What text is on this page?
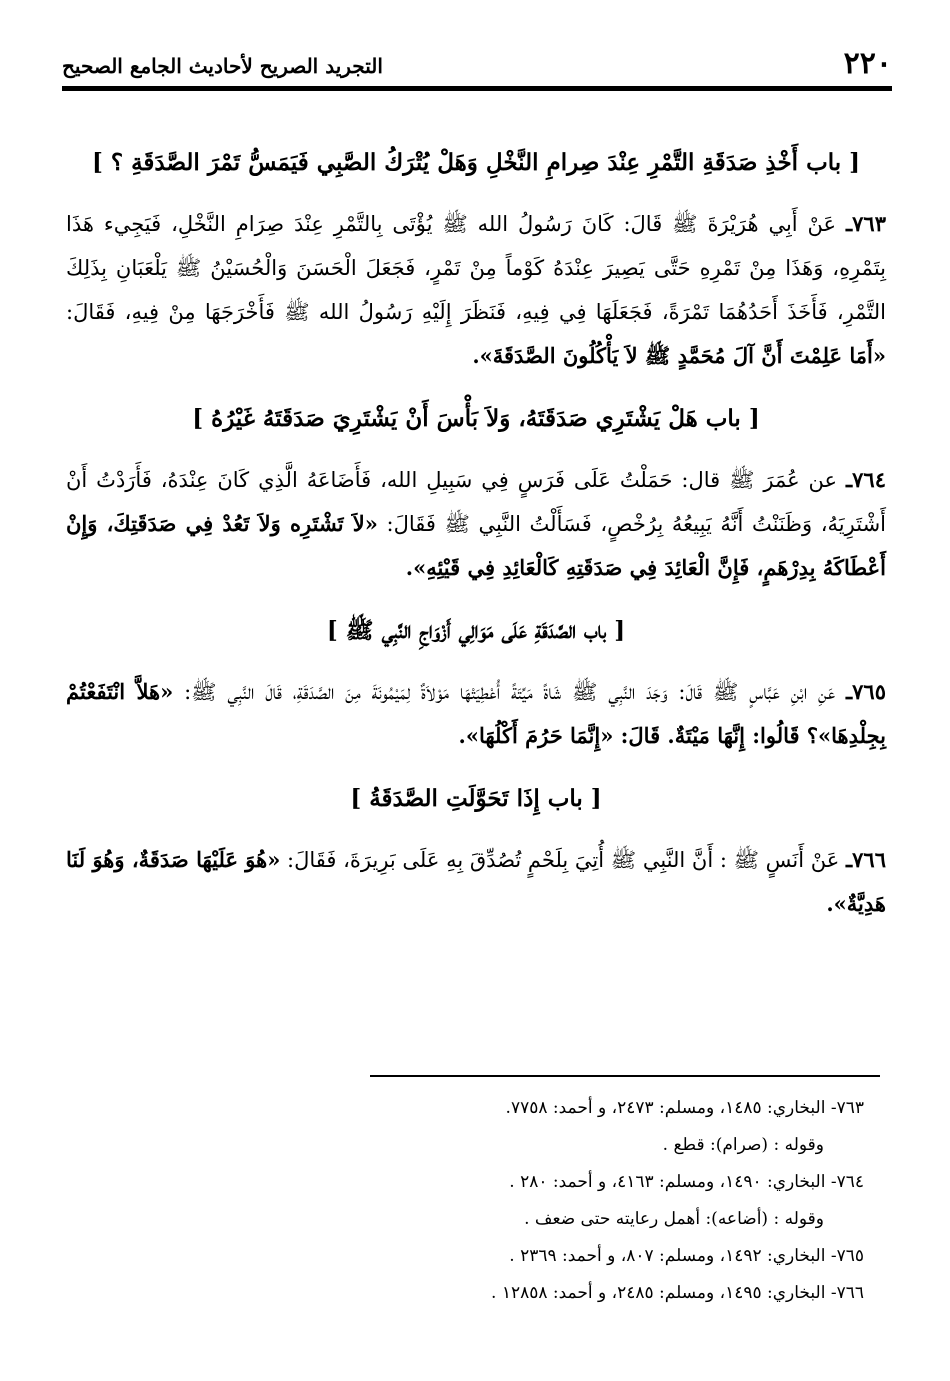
٢٢٠
التجريد الصريح لأحاديث الجامع الصحيح
[ باب أَخْذِ صَدَقَةِ التَّمْرِ عِنْدَ صِرامِ النَّخْلِ وَهَلْ يُتْرَكُ الصَّبِي فَيَمَسُّ تَمْرَ الصَّدَقَةِ ؟ ]

٧٦٣ـ عَنْ أَبِي هُرَيْرَةَ ﷺ قَالَ: كَانَ رَسُولُ الله ﷺ يُؤْتَى بِالتَّمْرِ عِنْدَ صِرَامِ النَّخْلِ، فَيَجِيء هَذَا بِتَمْرِهِ، وَهَذَا مِنْ تَمْرِهِ حَتَّى يَصِيرَ عِنْدَهُ كَوْماً مِنْ تَمْرٍ، فَجَعَلَ الْحَسَنَ وَالْحُسَيْنُ ﷺ يَلْعَبَانِ بِذَلِكَ التَّمْرِ، فَأَخَذَ أَحَدُهُمَا تَمْرَةً، فَجَعَلَهَا فِي فِيهِ، فَنَظَرَ إِلَيْهِ رَسُولُ الله ﷺ فَأَخْرَجَهَا مِنْ فِيهِ، فَقَالَ: «أَمَا عَلِمْتَ أَنَّ آلَ مُحَمَّدٍ ﷺ لاَ يَأْكُلُونَ الصَّدَقَةَ».

[ باب هَلْ يَشْتَرِي صَدَقَتَهُ، وَلاَ بَأْسَ أَنْ يَشْتَرِيَ صَدَقَتَهُ غَيْرُهُ ]

٧٦٤ـ عن عُمَرَ ﷺ قال: حَمَلْتُ عَلَى فَرَسٍ فِي سَبِيلِ الله، فَأَضَاعَهُ الَّذِي كَانَ عِنْدَهُ، فَأَرَدْتُ أَنْ أَشْتَرِيَهُ، وَظَنَنْتُ أَنَّهُ يَبِيعُهُ بِرُخْصٍ، فَسَأَلْتُ النَّبِي ﷺ فَقَالَ: «لاَ تَشْتَرِه وَلاَ تَعُدْ فِي صَدَقَتِكَ، وَإِنْ أَعْطَاكَهُ بِدِرْهَمٍ، فَإِنَّ الْعَائِدَ فِي صَدَقَتِهِ كَالْعَائِدِ فِي قَيْئِهِ».

[ باب الصَّدَقَةِ عَلَى مَوَالِي أَزْوَاجِ النَّبِي ﷺ ]

٧٦٥ـ عَنِ ابْنِ عَبَّاسٍ ﷺ قَالَ: وَجَدَ النَّبِي ﷺ شَاةً مَيِّتَةً أُعْطِيَتْهَا مَوْلاَةٌ لِمَيْمُونَةَ مِنَ الصَّدَقَةِ، قَالَ النَّبِي ﷺ: «هَلاَّ انْتَفَعْتُمْ بِجِلْدِهَا»؟ قَالُوا: إِنَّهَا مَيْتَةٌ. قَالَ: «إِنَّمَا حَرُمَ أَكْلُهَا».

[ باب إِذَا تَحَوَّلَتِ الصَّدَقَةُ ]

٧٦٦ـ عَنْ أَنَسٍ ﷺ : أَنَّ النَّبِي ﷺ أُتِيَ بِلَحْمٍ تُصُدِّقَ بِهِ عَلَى بَرِيرَةَ، فَقَالَ: «هُوَ عَلَيْهَا صَدَقَةٌ، وَهُوَ لَنَا هَدِيَّةٌ».

٧٦٣- البخاري: ١٤٨٥، ومسلم: ٢٤٧٣، و أحمد: ٧٧٥٨.

وقوله : (صرام): قطع .

٧٦٤- البخاري: ١٤٩٠، ومسلم: ٤١٦٣، و أحمد: ٢٨٠ .

وقوله : (أضاعه): أهمل رعايته حتى ضعف .

٧٦٥- البخاري: ١٤٩٢، ومسلم: ٨٠٧، و أحمد: ٢٣٦٩ .

٧٦٦- البخاري: ١٤٩٥، ومسلم: ٢٤٨٥، و أحمد: ١٢٨٥٨ .
